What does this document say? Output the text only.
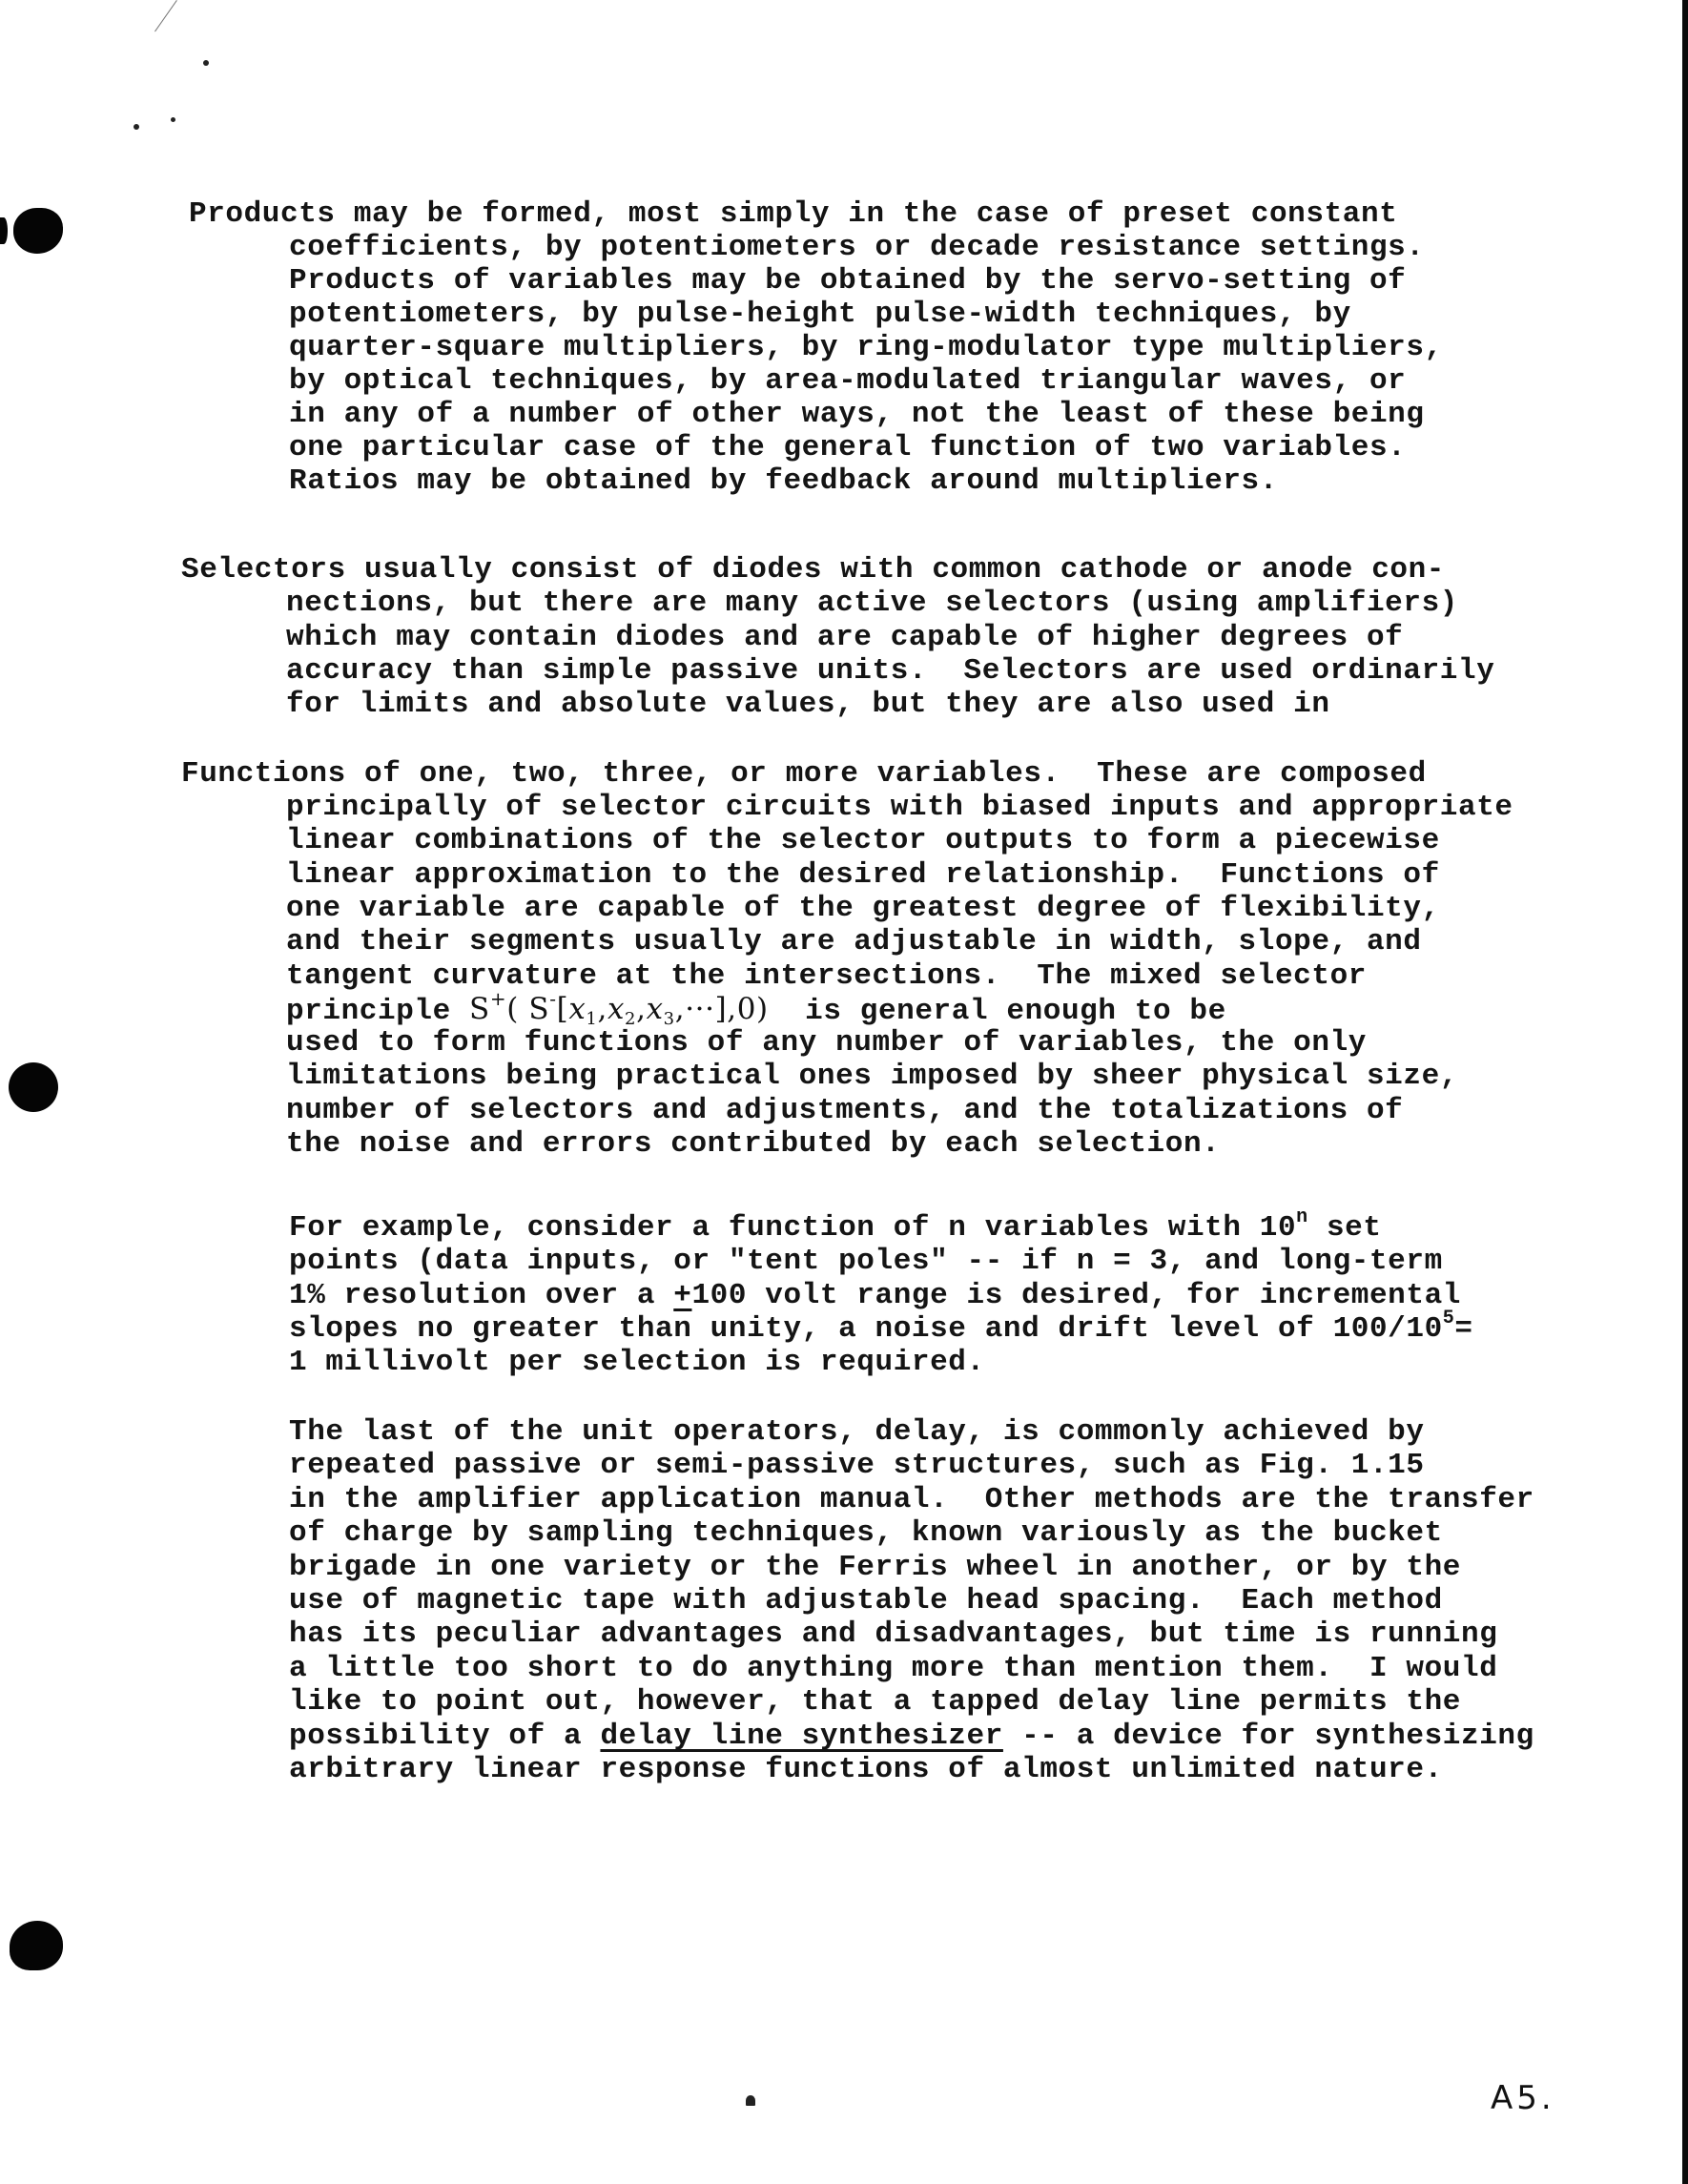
Products may be formed, most simply in the case of preset constant
coefficients, by potentiometers or decade resistance settings.
Products of variables may be obtained by the servo-setting of
potentiometers, by pulse-height pulse-width techniques, by
quarter-square multipliers, by ring-modulator type multipliers,
by optical techniques, by area-modulated triangular waves, or
in any of a number of other ways, not the least of these being
one particular case of the general function of two variables.
Ratios may be obtained by feedback around multipliers.
Selectors usually consist of diodes with common cathode or anode con-
nections, but there are many active selectors (using amplifiers)
which may contain diodes and are capable of higher degrees of
accuracy than simple passive units.  Selectors are used ordinarily
for limits and absolute values, but they are also used in
Functions of one, two, three, or more variables.  These are composed
principally of selector circuits with biased inputs and appropriate
linear combinations of the selector outputs to form a piecewise
linear approximation to the desired relationship.  Functions of
one variable are capable of the greatest degree of flexibility,
and their segments usually are adjustable in width, slope, and
tangent curvature at the intersections.  The mixed selector
principle S+( $S^-[x_1,x_2,x_3,\cdot\cdot\cdot],0$) is general enough to be
used to form functions of any number of variables, the only
limitations being practical ones imposed by sheer physical size,
number of selectors and adjustments, and the totalizations of
the noise and errors contributed by each selection.
For example, consider a function of n variables with 10$^n$ set
points (data inputs, or "tent poles" -- if n = 3, and long-term
1% resolution over a +100 volt range is desired, for incremental
slopes no greater than unity, a noise and drift level of $100/10^5=$
1 millivolt per selection is required.
The last of the unit operators, delay, is commonly achieved by
repeated passive or semi-passive structures, such as Fig. 1.15
in the amplifier application manual.  Other methods are the transfer
of charge by sampling techniques, known variously as the bucket
brigade in one variety or the Ferris wheel in another, or by the
use of magnetic tape with adjustable head spacing.  Each method
has its peculiar advantages and disadvantages, but time is running
a little too short to do anything more than mention them.  I would
like to point out, however, that a tapped delay line permits the
possibility of a delay line synthesizer -- a device for synthesizing
arbitrary linear response functions of almost unlimited nature.
A5.
